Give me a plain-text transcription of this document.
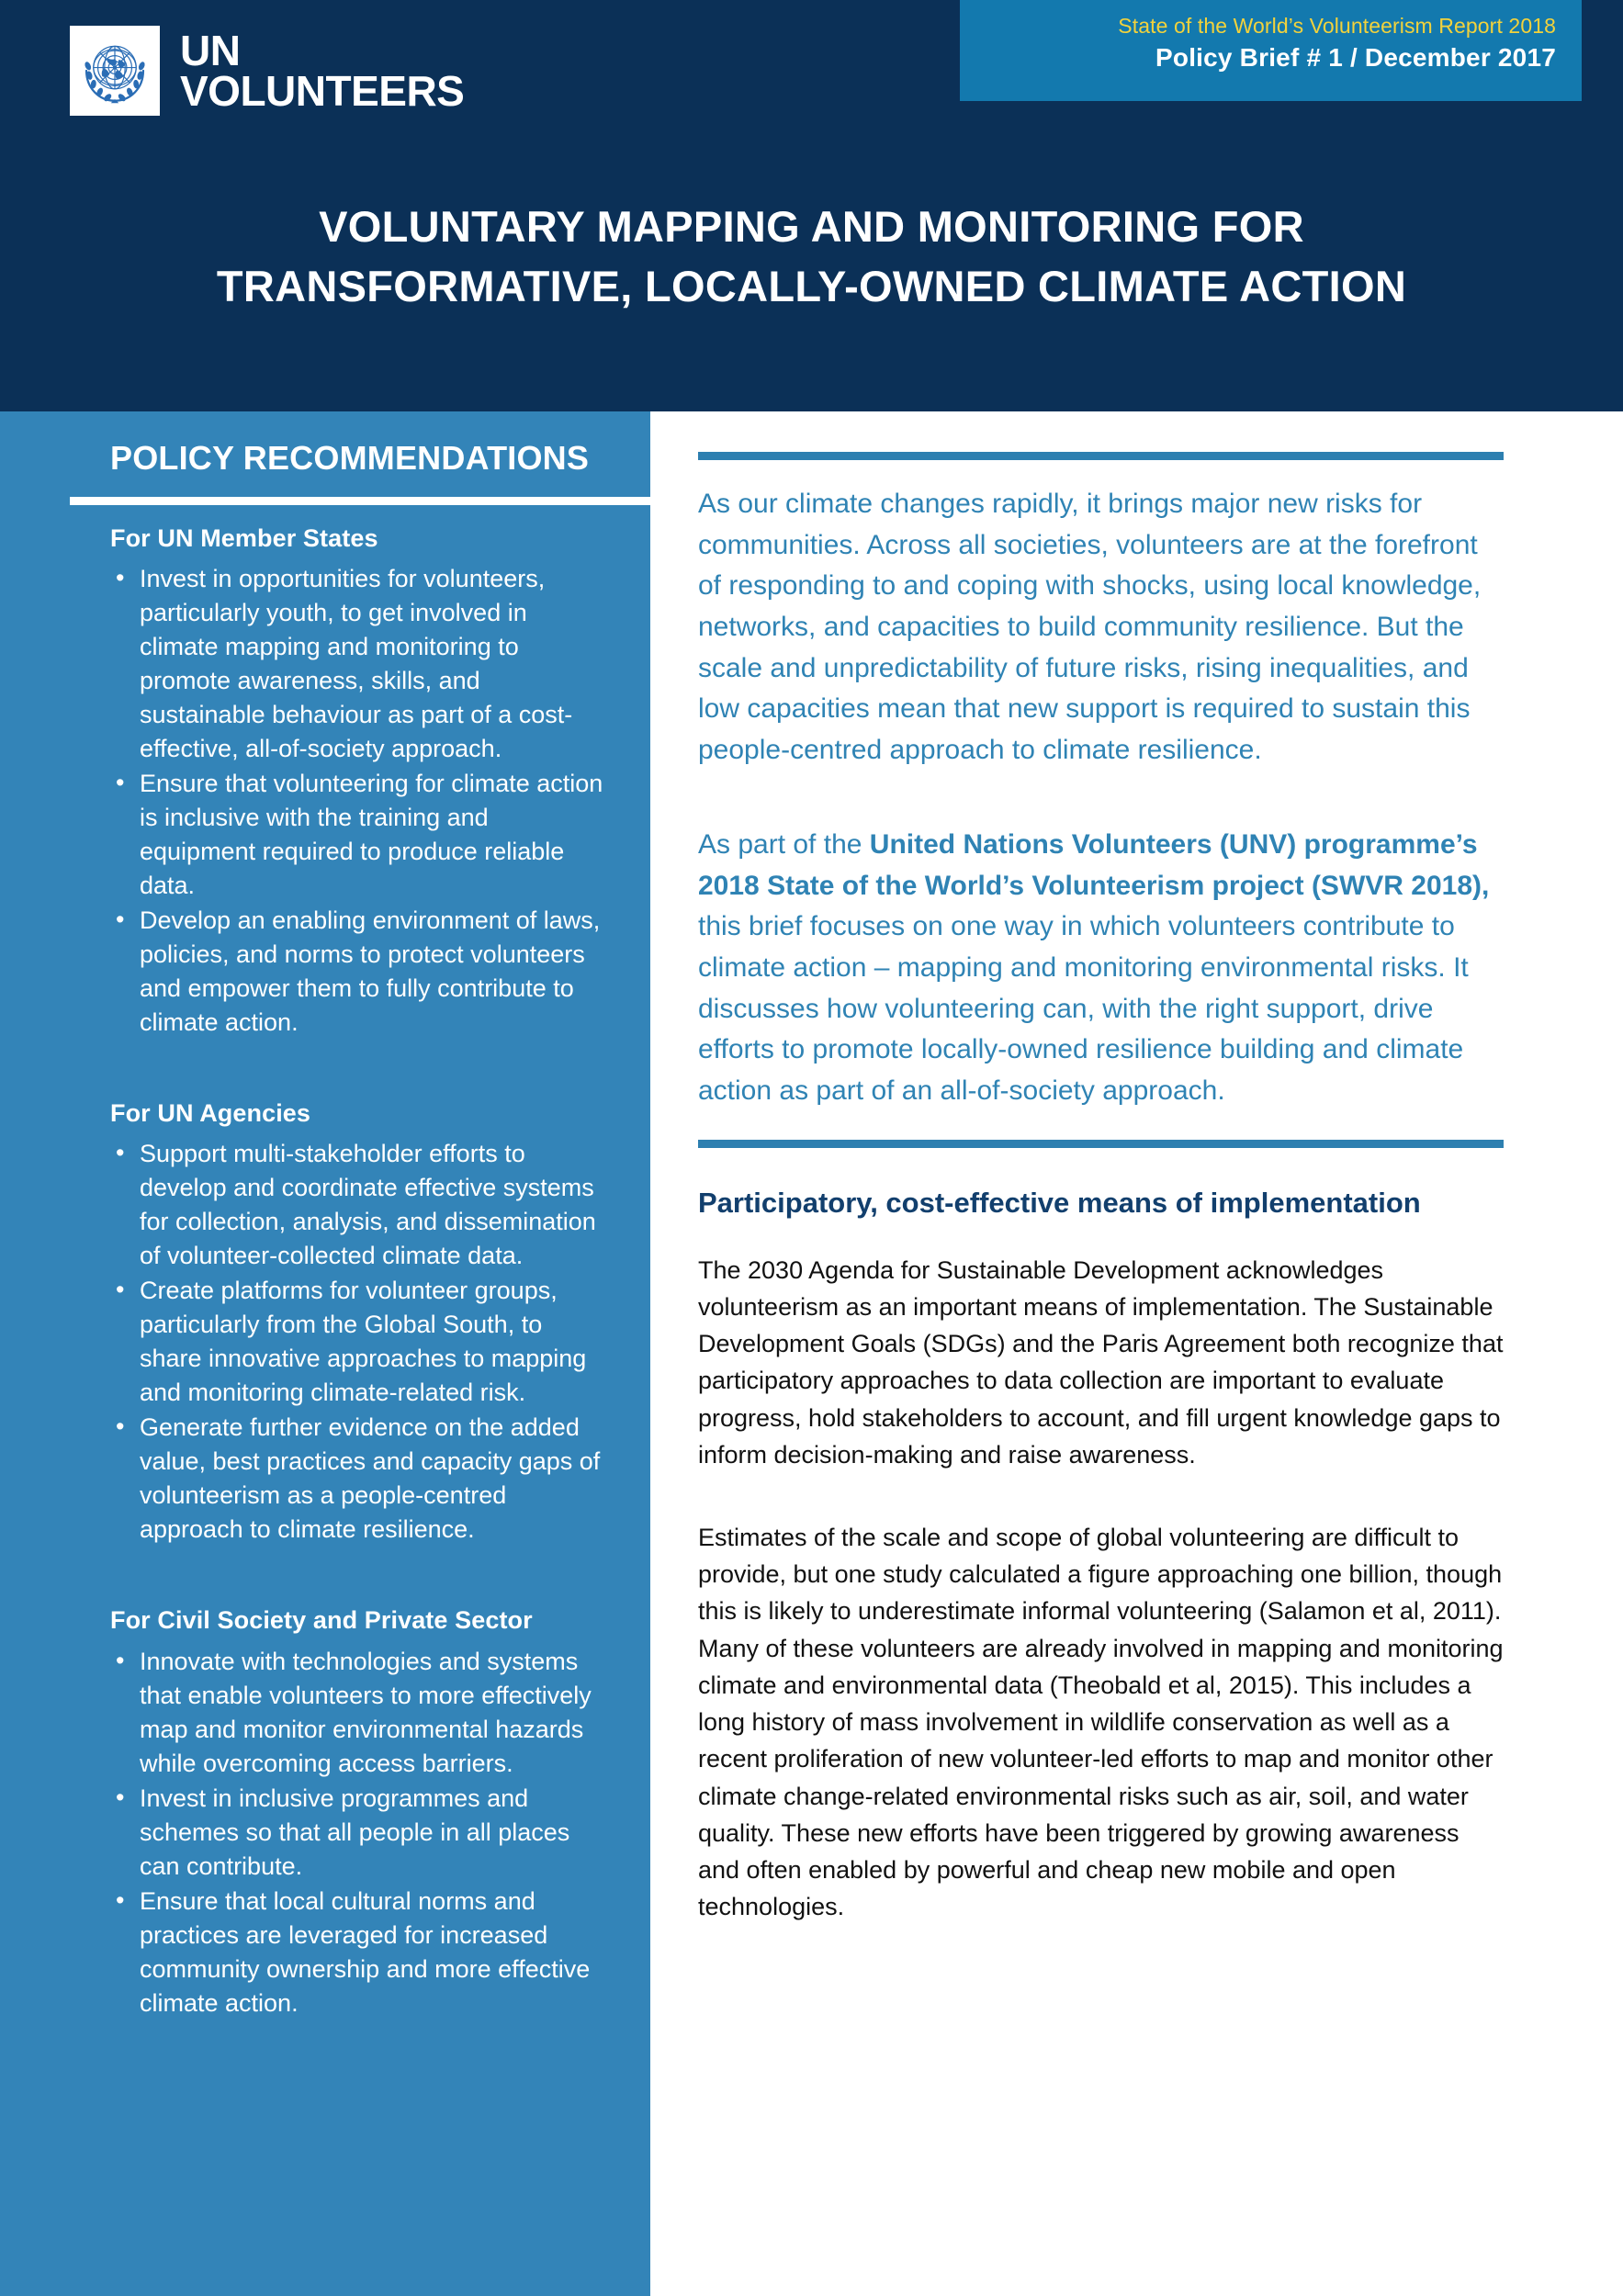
UN
VOLUNTEERS
State of the World’s Volunteerism Report 2018
Policy Brief # 1 / December 2017
VOLUNTARY MAPPING AND MONITORING FOR
TRANSFORMATIVE, LOCALLY-OWNED CLIMATE ACTION
POLICY RECOMMENDATIONS
For UN Member States
• Invest in opportunities for volunteers, particularly youth, to get involved in climate mapping and monitoring to promote awareness, skills, and sustainable behaviour as part of a cost-effective, all-of-society approach.
• Ensure that volunteering for climate action is inclusive with the training and equipment required to produce reliable data.
• Develop an enabling environment of laws, policies, and norms to protect volunteers and empower them to fully contribute to climate action.
For UN Agencies
• Support multi-stakeholder efforts to develop and coordinate effective systems for collection, analysis, and dissemination of volunteer-collected climate data.
• Create platforms for volunteer groups, particularly from the Global South, to share innovative approaches to mapping and monitoring climate-related risk.
• Generate further evidence on the added value, best practices and capacity gaps of volunteerism as a people-centred approach to climate resilience.
For Civil Society and Private Sector
• Innovate with technologies and systems that enable volunteers to more effectively map and monitor environmental hazards while overcoming access barriers.
• Invest in inclusive programmes and schemes so that all people in all places can contribute.
• Ensure that local cultural norms and practices are leveraged for increased community ownership and more effective climate action.

As our climate changes rapidly, it brings major new risks for communities. Across all societies, volunteers are at the forefront of responding to and coping with shocks, using local knowledge, networks, and capacities to build community resilience. But the scale and unpredictability of future risks, rising inequalities, and low capacities mean that new support is required to sustain this people-centred approach to climate resilience.

As part of the United Nations Volunteers (UNV) programme’s 2018 State of the World’s Volunteerism project (SWVR 2018), this brief focuses on one way in which volunteers contribute to climate action – mapping and monitoring environmental risks. It discusses how volunteering can, with the right support, drive efforts to promote locally-owned resilience building and climate action as part of an all-of-society approach.

Participatory, cost-effective means of implementation

The 2030 Agenda for Sustainable Development acknowledges volunteerism as an important means of implementation. The Sustainable Development Goals (SDGs) and the Paris Agreement both recognize that participatory approaches to data collection are important to evaluate progress, hold stakeholders to account, and fill urgent knowledge gaps to inform decision-making and raise awareness.

Estimates of the scale and scope of global volunteering are difficult to provide, but one study calculated a figure approaching one billion, though this is likely to underestimate informal volunteering (Salamon et al, 2011). Many of these volunteers are already involved in mapping and monitoring climate and environmental data (Theobald et al, 2015). This includes a long history of mass involvement in wildlife conservation as well as a recent proliferation of new volunteer-led efforts to map and monitor other climate change-related environmental risks such as air, soil, and water quality. These new efforts have been triggered by growing awareness and often enabled by powerful and cheap new mobile and open technologies.
